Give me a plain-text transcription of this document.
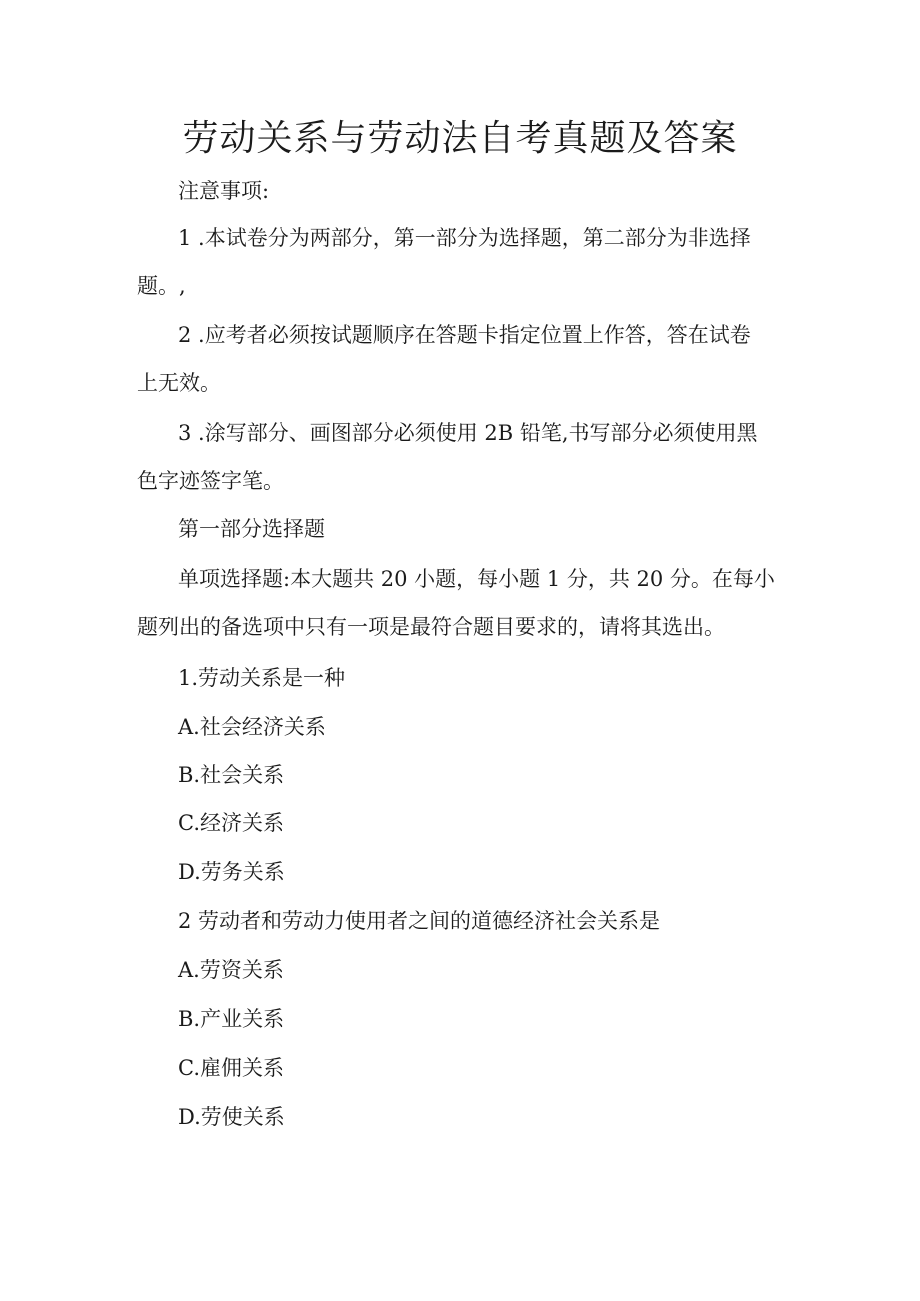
劳动关系与劳动法自考真题及答案
注意事项:
1 .本试卷分为两部分，第一部分为选择题，第二部分为非选择
题。,
2 .应考者必须按试题顺序在答题卡指定位置上作答，答在试卷
上无效。
3 .涂写部分、画图部分必须使用 2B 铅笔,书写部分必须使用黑
色字迹签字笔。
第一部分选择题
单项选择题:本大题共 20 小题，每小题 1 分，共 20 分。在每小
题列出的备选项中只有一项是最符合题目要求的，请将其选出。
1.劳动关系是一种
A.社会经济关系
B.社会关系
C.经济关系
D.劳务关系
2 劳动者和劳动力使用者之间的道德经济社会关系是
A.劳资关系
B.产业关系
C.雇佣关系
D.劳使关系
